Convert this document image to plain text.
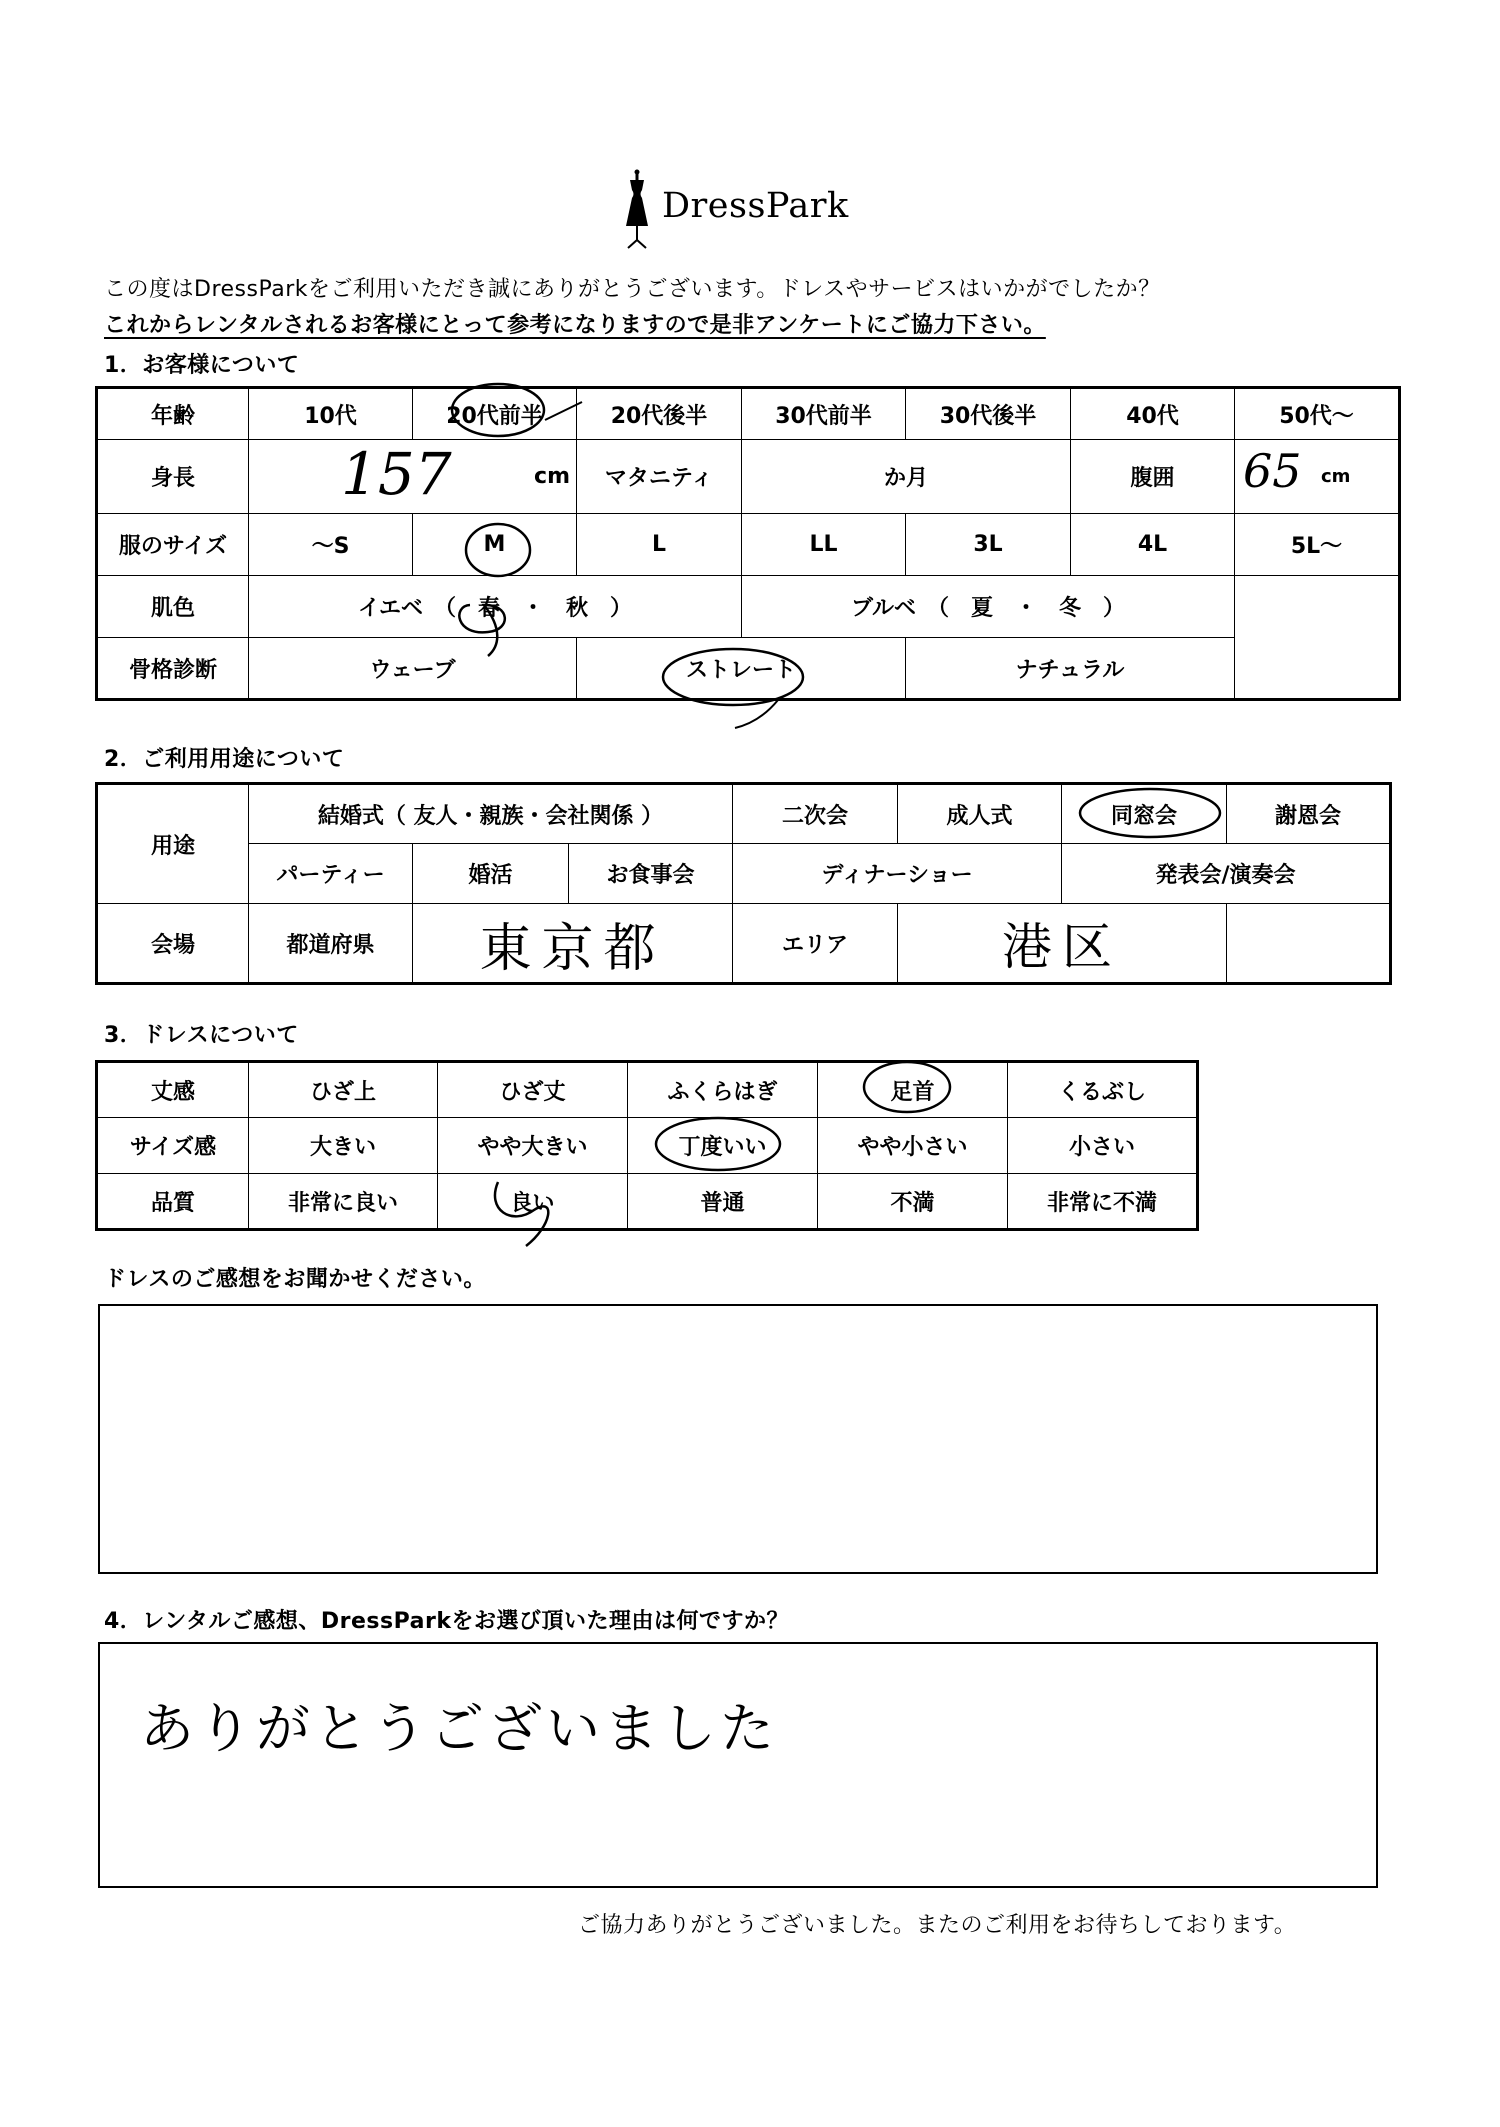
DressPark
この度はDressParkをご利用いただき誠にありがとうございます。ドレスやサービスはいかがでしたか？
これからレンタルされるお客様にとって参考になりますので是非アンケートにご協力下さい。
1．お客様について
年齢	10代	20代前半	20代後半	30代前半	30代後半	40代	50代～
身長	157 cm		マタニティ	か月		腹囲	65 cm

服のサイズ	～S	M	L	LL	3L	4L	5L～
肌色	イエベ　（　春　・　秋　）			ブルベ　（　夏　・　冬　）			
骨格診断	ウェーブ		ストレート		ナチュラル		
2．ご利用用途について
用途	結婚式（ 友人・親族・会社関係 ）			二次会	成人式	同窓会	謝恩会
	パーティー	婚活	お食事会	ディナーショー		発表会/演奏会	
会場	都道府県	東京都		エリア	港区		
3．ドレスについて
丈感	ひざ上	ひざ丈	ふくらはぎ	足首	くるぶし
サイズ感	大きい	やや大きい	丁度いい	やや小さい	小さい
品質	非常に良い	良い	普通	不満	非常に不満
ドレスのご感想をお聞かせください。
4．レンタルご感想、DressParkをお選び頂いた理由は何ですか？
ありがとうございました
ご協力ありがとうございました。またのご利用をお待ちしております。
